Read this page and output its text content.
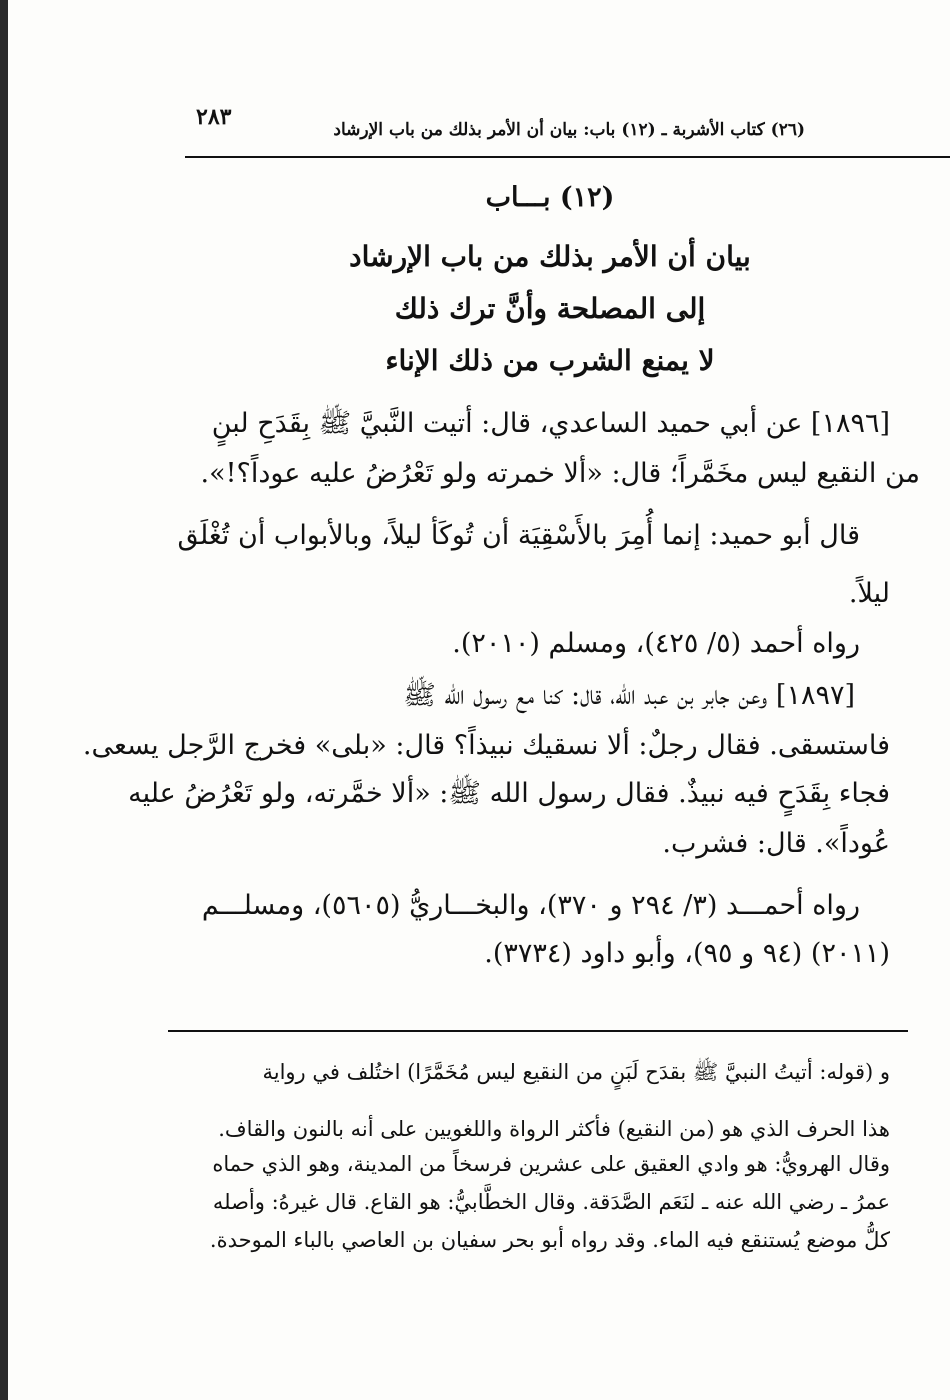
٢٨٣	(٢٦) كتاب الأشربة ـ (١٢) باب: بيان أن الأمر بذلك من باب الإرشاد
(١٢) بـــاب
بيان أن الأمر بذلك من باب الإرشاد
إلى المصلحة وأنَّ ترك ذلك
لا يمنع الشرب من ذلك الإناء
[١٨٩٦] عن أبي حميد الساعدي، قال: أتيت النَّبيَّ ﷺ بِقَدَحِ لبنٍ
من النقيع ليس مخَمَّراً؛ قال: «ألا خمرته ولو تَعْرُضُ عليه عوداً؟!».
قال أبو حميد: إنما أُمِرَ بالأَسْقِيَة أن تُوكَأ ليلاً، وبالأبواب أن تُغْلَق
ليلاً.
رواه أحمد (٥/ ٤٢٥)، ومسلم (٢٠١٠).
[١٨٩٧] وعن جابر بن عبد الله، قال: كنا مع رسول الله ﷺ
فاستسقى. فقال رجلٌ: ألا نسقيك نبيذاً؟ قال: «بلى» فخرج الرَّجل يسعى.
فجاء بِقَدَحٍ فيه نبيذٌ. فقال رسول الله ﷺ: «ألا خمَّرته، ولو تَعْرُضُ عليه
عُوداً». قال: فشرب.
رواه أحمـــد (٣/ ٢٩٤ و ٣٧٠)، والبخـــاريُّ (٥٦٠٥)، ومسلـــم
(٢٠١١) (٩٤ و ٩٥)، وأبو داود (٣٧٣٤).
و (قوله: أتيتُ النبيَّ ﷺ بقدَح لَبَنٍ من النقيع ليس مُخَمَّرًا) اختُلف في رواية
هذا الحرف الذي هو (من النقيع) فأكثر الرواة واللغويين على أنه بالنون والقاف.
وقال الهرويُّ: هو وادي العقيق على عشرين فرسخاً من المدينة، وهو الذي حماه
عمرُ ـ رضي الله عنه ـ لنَعَم الصَّدَقة. وقال الخطَّابيُّ: هو القاع. قال غيرهُ: وأصله
كلُّ موضع يُستنقع فيه الماء. وقد رواه أبو بحر سفيان بن العاصي بالباء الموحدة.
